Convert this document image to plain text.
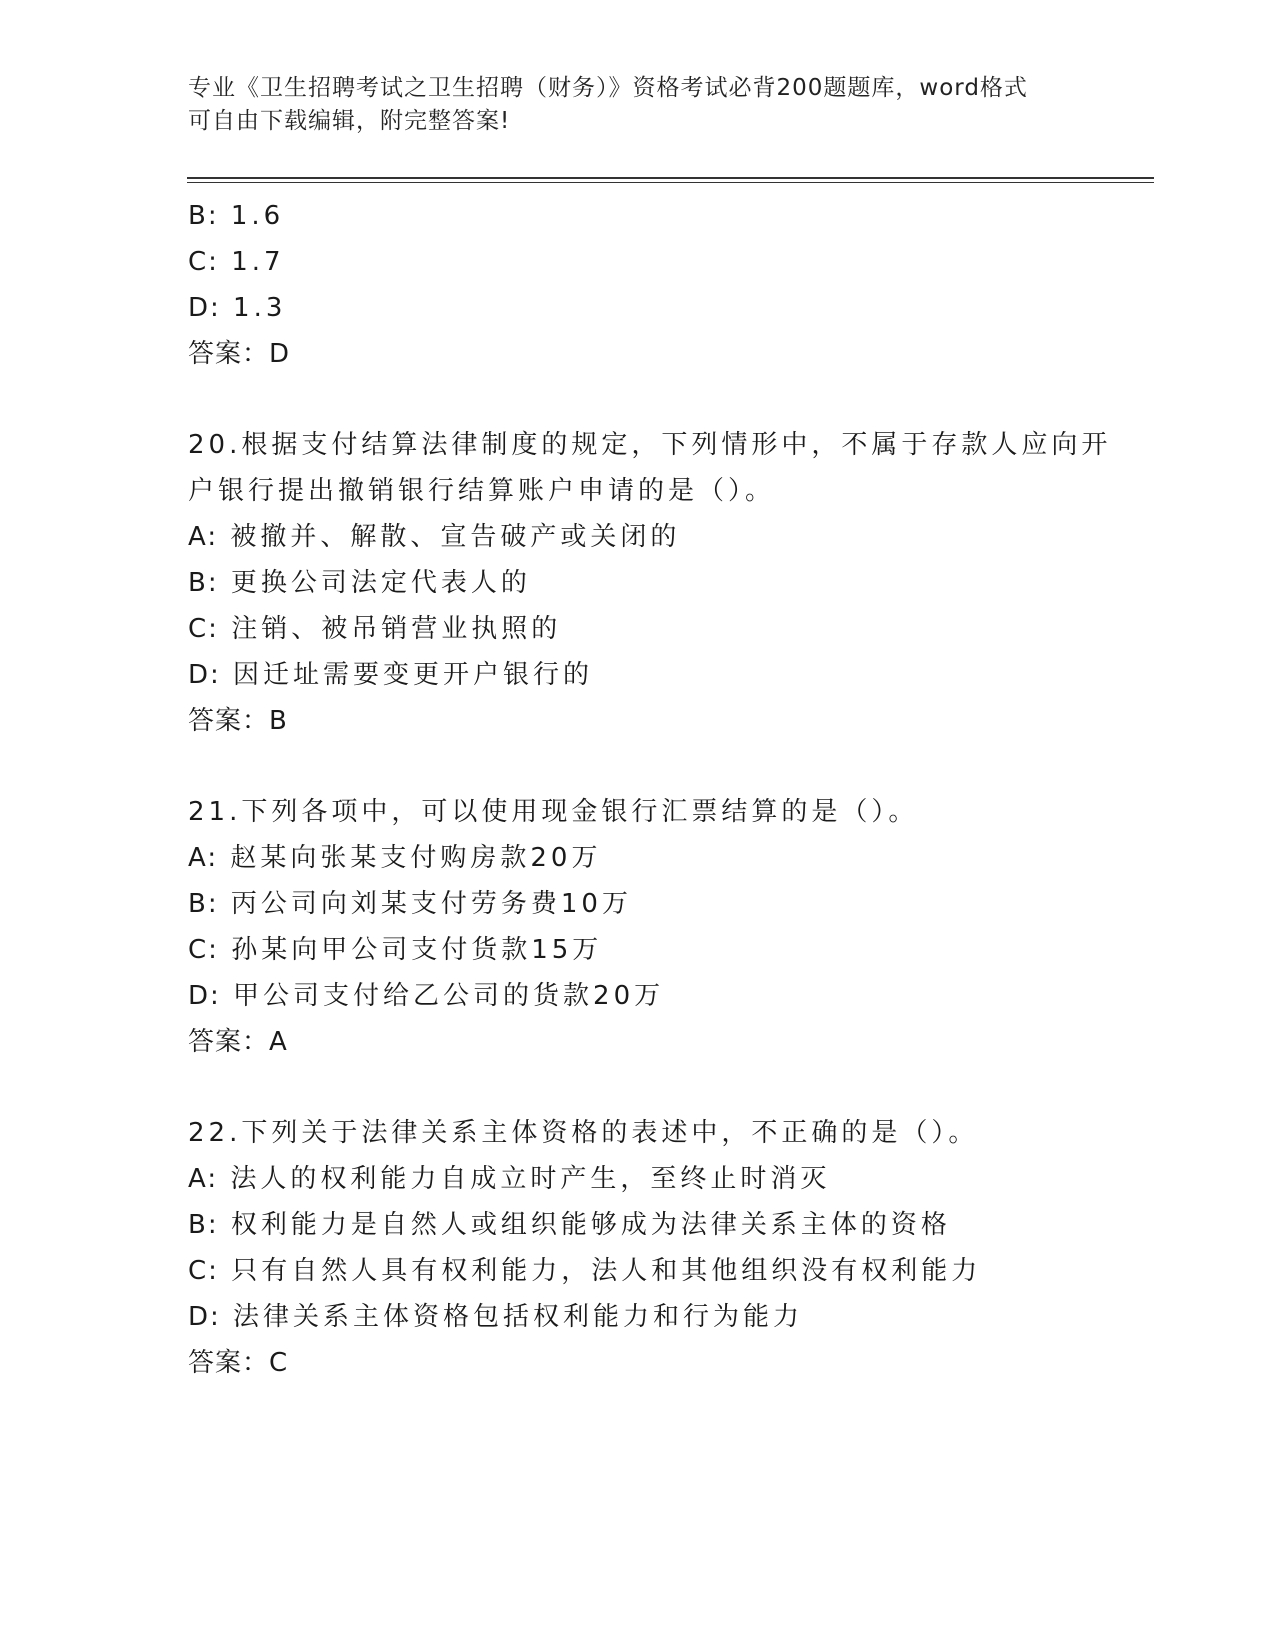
专业《卫生招聘考试之卫生招聘（财务）》资格考试必背200题题库，word格式
可自由下载编辑，附完整答案!
B: 1.6
C: 1.7
D: 1.3
答案：D
20.根据支付结算法律制度的规定，下列情形中，不属于存款人应向开
户银行提出撤销银行结算账户申请的是（）。
A: 被撤并、解散、宣告破产或关闭的
B: 更换公司法定代表人的
C: 注销、被吊销营业执照的
D: 因迁址需要变更开户银行的
答案：B
21.下列各项中，可以使用现金银行汇票结算的是（）。
A: 赵某向张某支付购房款20万
B: 丙公司向刘某支付劳务费10万
C: 孙某向甲公司支付货款15万
D: 甲公司支付给乙公司的货款20万
答案：A
22.下列关于法律关系主体资格的表述中，不正确的是（）。
A: 法人的权利能力自成立时产生，至终止时消灭
B: 权利能力是自然人或组织能够成为法律关系主体的资格
C: 只有自然人具有权利能力，法人和其他组织没有权利能力
D: 法律关系主体资格包括权利能力和行为能力
答案：C
